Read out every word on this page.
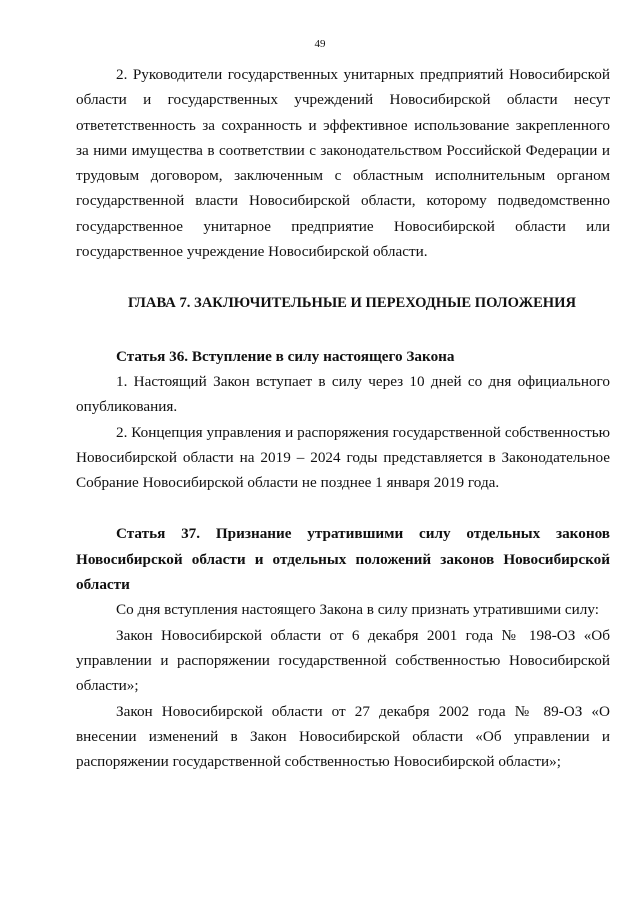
49

2. Руководители государственных унитарных предприятий Новосибирской области и государственных учреждений Новосибирской области несут ответетственность за сохранность и эффективное использование закрепленного за ними имущества в соответствии с законодательством Российской Федерации и трудовым договором, заключенным с областным исполнительным органом государственной власти Новосибирской области, которому подведомственно государственное унитарное предприятие Новосибирской области или государственное учреждение Новосибирской области.

ГЛАВА 7. ЗАКЛЮЧИТЕЛЬНЫЕ И ПЕРЕХОДНЫЕ ПОЛОЖЕНИЯ

Статья 36. Вступление в силу настоящего Закона

1. Настоящий Закон вступает в силу через 10 дней со дня официального опубликования.

2. Концепция управления и распоряжения государственной собственностью Новосибирской области на 2019 – 2024 годы представляется в Законодательное Собрание Новосибирской области не позднее 1 января 2019 года.

Статья 37. Признание утратившими силу отдельных законов Новосибирской области и отдельных положений законов Новосибирской области

Со дня вступления настоящего Закона в силу признать утратившими силу:

Закон Новосибирской области от 6 декабря 2001 года № 198-ОЗ «Об управлении и распоряжении государственной собственностью Новосибирской области»;

Закон Новосибирской области от 27 декабря 2002 года № 89-ОЗ «О внесении изменений в Закон Новосибирской области «Об управлении и распоряжении государственной собственностью Новосибирской области»;
